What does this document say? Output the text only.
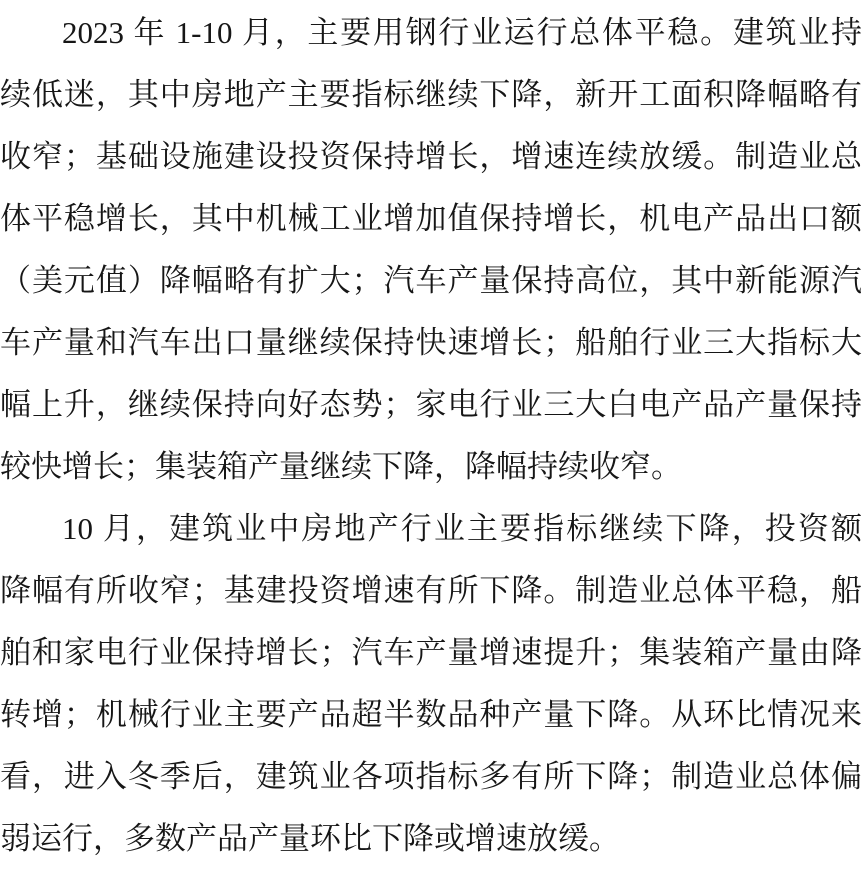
2023 年 1-10 月，主要用钢行业运行总体平稳。建筑业持
续低迷，其中房地产主要指标继续下降，新开工面积降幅略有
收窄；基础设施建设投资保持增长，增速连续放缓。制造业总
体平稳增长，其中机械工业增加值保持增长，机电产品出口额
（美元值）降幅略有扩大；汽车产量保持高位，其中新能源汽
车产量和汽车出口量继续保持快速增长；船舶行业三大指标大
幅上升，继续保持向好态势；家电行业三大白电产品产量保持
较快增长；集装箱产量继续下降，降幅持续收窄。
10 月，建筑业中房地产行业主要指标继续下降，投资额
降幅有所收窄；基建投资增速有所下降。制造业总体平稳，船
舶和家电行业保持增长；汽车产量增速提升；集装箱产量由降
转增；机械行业主要产品超半数品种产量下降。从环比情况来
看，进入冬季后，建筑业各项指标多有所下降；制造业总体偏
弱运行，多数产品产量环比下降或增速放缓。
